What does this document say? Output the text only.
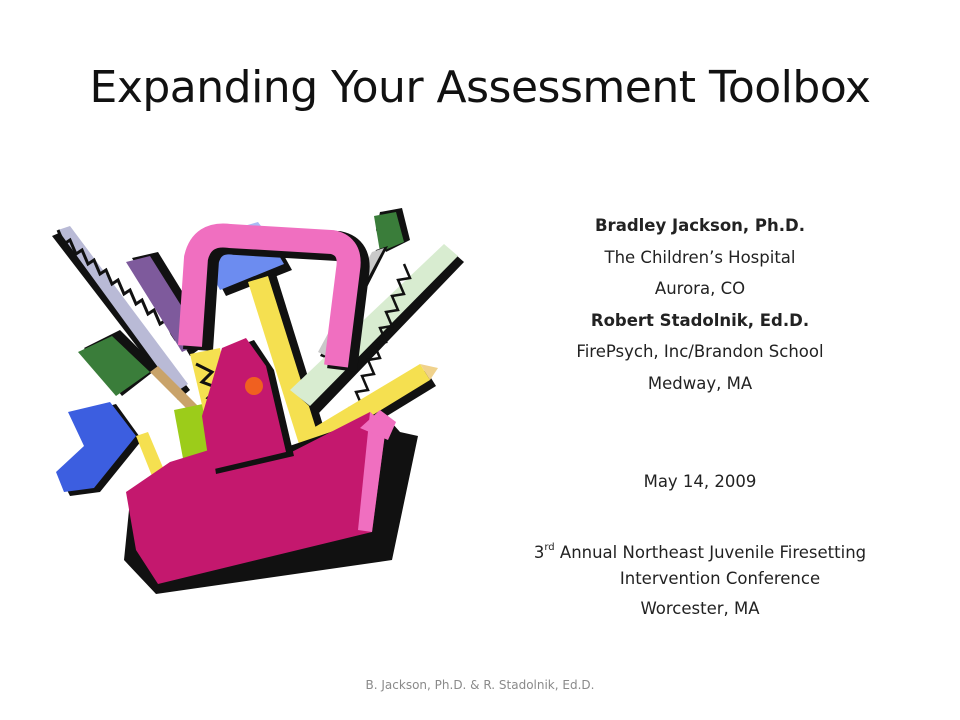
Expanding Your Assessment Toolbox
Bradley Jackson, Ph.D.
The Children’s Hospital
Aurora, CO
Robert Stadolnik, Ed.D.
FirePsych, Inc/Brandon School
Medway, MA
May 14, 2009
3rd Annual Northeast Juvenile Firesetting
Intervention Conference
Worcester, MA
B. Jackson, Ph.D. & R. Stadolnik, Ed.D.
